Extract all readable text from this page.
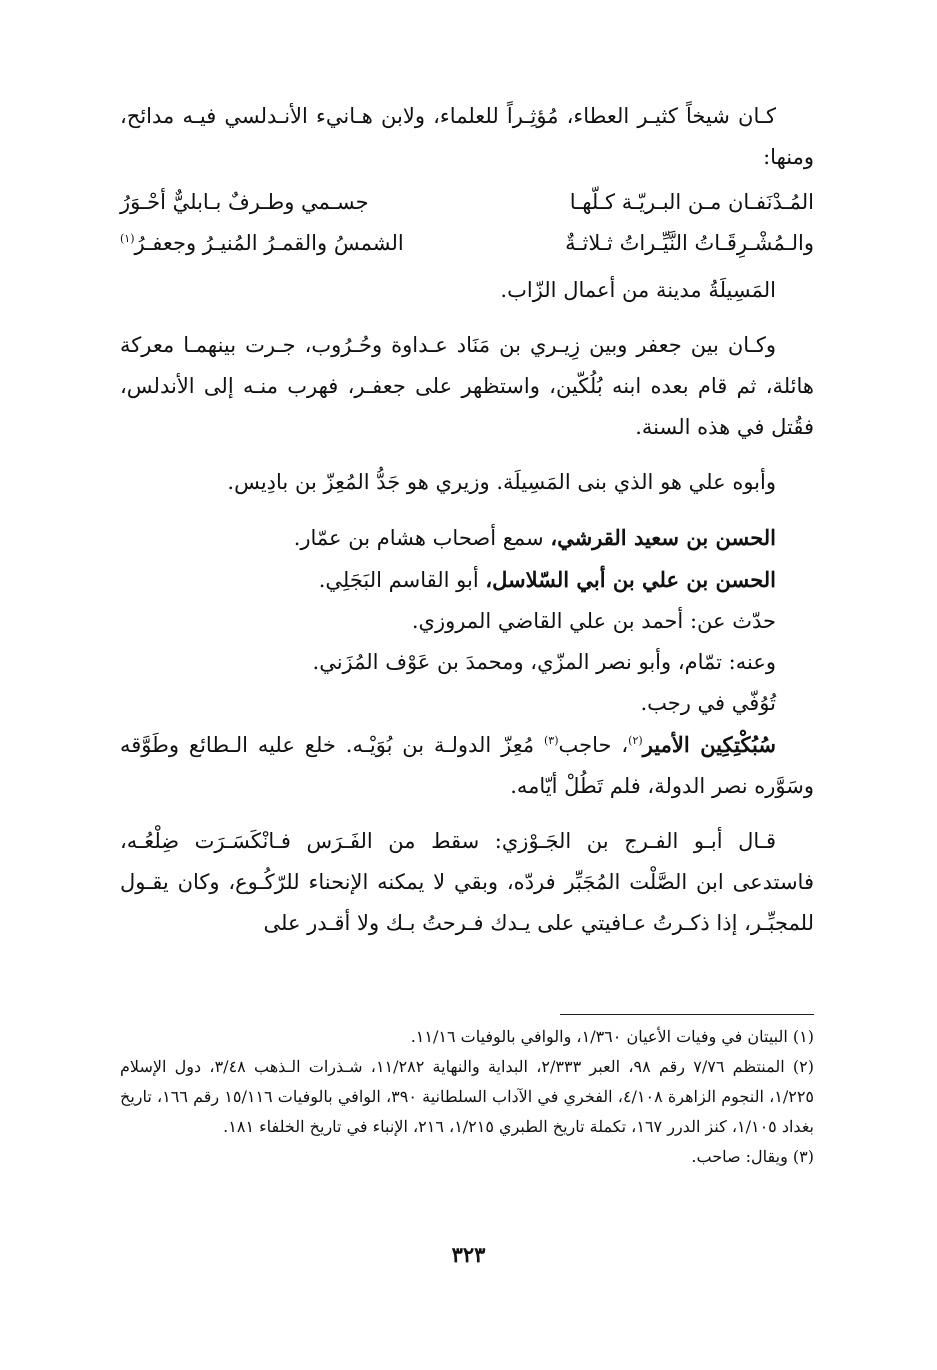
كـان شيخاً كثيـر العطاء، مُؤثِـراً للعلماء، ولابن هـانيء الأنـدلسي فيـه مدائح، ومنها:

المُـدْنَفـان مـن البـريّـة كـلّهـا
جسـمي وطـرفٌ بـابليٌّ أحْـوَرُ
والـمُشْـرِقَـاتُ النَّيِّـراتُ ثـلاثـةٌ
الشمسُ والقمـرُ المُنيـرُ وجعفـرُ$^{(١)}$

المَسِيلَةُ مدينة من أعمال الزّاب.

وكـان بين جعفر وبين زِيـري بن مَنَاد عـداوة وحُـرُوب، جـرت بينهمـا معركة هائلة، ثم قام بعده ابنه بُلُكّين، واستظهر على جعفـر، فهرب منـه إلى الأندلس، فقُتل في هذه السنة.

وأبوه علي هو الذي بنى المَسِيلَة. وزيري هو جَدُّ المُعِزّ بن بادِيس.

الحسن بن سعيد القرشي، سمع أصحاب هشام بن عمّار.

الحسن بن علي بن أبي السّلاسل، أبو القاسم البَجَلِي.

حدّث عن: أحمد بن علي القاضي المروزي.

وعنه: تمّام، وأبو نصر المزّي، ومحمدَ بن عَوْف المُزَني.

تُوُفّي في رجب.

سُبُكْتِكِين الأمير$^{(٢)}$، حاجب$^{(٣)}$ مُعِزّ الدولـة بن بُوَيْـه. خلع عليه الـطائع وطَوَّقه وسَوَّره نصر الدولة، فلم تَطُلْ أيّامه.

قـال أبـو الفـرج بن الجَـوْزي: سقط من الفَـرَس فـانْكَسَـرَت ضِلْعُـه، فاستدعى ابن الصَّلْت المُجَبِّر فردّه، وبقي لا يمكنه الإنحناء للرّكُـوع، وكان يقـول للمجبِّـر، إذا ذكـرتُ عـافيتي على يـدك فـرحتُ بـك ولا أقـدر على

(١) البيتان في وفيات الأعيان ١/٣٦٠، والوافي بالوفيات ١١/١٦.

(٢) المنتظم ٧/٧٦ رقم ٩٨، العبر ٢/٣٣٣، البداية والنهاية ١١/٢٨٢، شـذرات الـذهب ٣/٤٨، دول الإسلام ١/٢٢٥، النجوم الزاهرة ٤/١٠٨، الفخري في الآداب السلطانية ٣٩٠، الوافي بالوفيات ١٥/١١٦ رقم ١٦٦، تاريخ بغداد ١/١٠٥، كنز الدرر ١٦٧، تكملة تاريخ الطبري ١/٢١٥، ٢١٦، الإنباء في تاريخ الخلفاء ١٨١.

(٣) ويقال: صاحب.

٣٢٣
